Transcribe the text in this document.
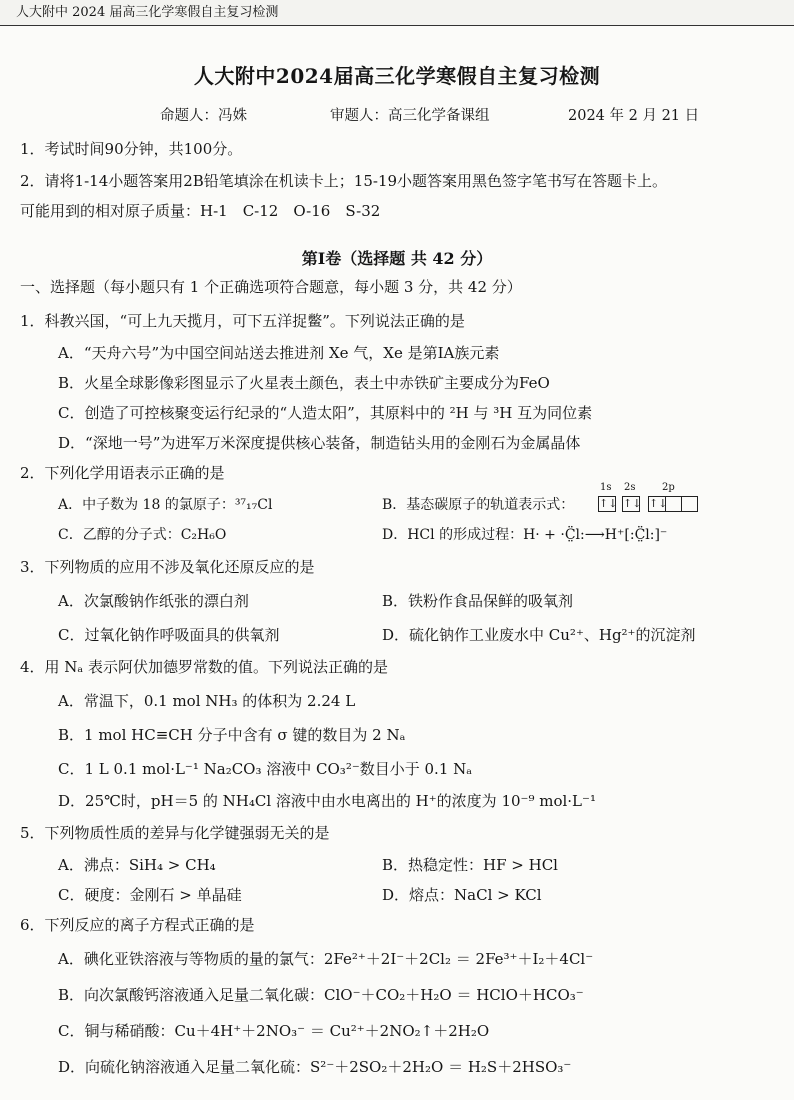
人大附中 2024 届高三化学寒假自主复习检测
人大附中2024届高三化学寒假自主复习检测
命题人：冯姝	审题人：高三化学备课组	2024 年 2 月 21 日
1．考试时间90分钟，共100分。
2．请将1-14小题答案用2B铅笔填涂在机读卡上；15-19小题答案用黑色签字笔书写在答题卡上。
可能用到的相对原子质量：H-1　C-12　O-16　S-32
第Ⅰ卷（选择题 共 42 分）
一、选择题（每小题只有 1 个正确选项符合题意，每小题 3 分，共 42 分）
1．科教兴国，“可上九天揽月，可下五洋捉鳖”。下列说法正确的是
A．“天舟六号”为中国空间站送去推进剂 Xe 气，Xe 是第IA族元素
B．火星全球影像彩图显示了火星表土颜色，表土中赤铁矿主要成分为FeO
C．创造了可控核聚变运行纪录的“人造太阳”，其原料中的 ²H 与 ³H 互为同位素
D．“深地一号”为进军万米深度提供核心装备，制造钻头用的金刚石为金属晶体
2．下列化学用语表示正确的是
A．中子数为 18 的氯原子：³⁷₁₇Cl	B．基态碳原子的轨道表示式：
1s 2s	2p
↑↓ ↑↓ ↑↓
C．乙醇的分子式：C₂H₆O	D．HCl 的形成过程：H· + ·C̤̈l:⟶H⁺[:C̤̈l:]⁻
3．下列物质的应用不涉及氧化还原反应的是
A．次氯酸钠作纸张的漂白剂	B．铁粉作食品保鲜的吸氧剂
C．过氧化钠作呼吸面具的供氧剂	D．硫化钠作工业废水中 Cu²⁺、Hg²⁺的沉淀剂
4．用 Nₐ 表示阿伏加德罗常数的值。下列说法正确的是
A．常温下，0.1 mol NH₃ 的体积为 2.24 L
B．1 mol HC≡CH 分子中含有 σ 键的数目为 2 Nₐ
C．1 L 0.1 mol·L⁻¹ Na₂CO₃ 溶液中 CO₃²⁻数目小于 0.1 Nₐ
D．25℃时，pH＝5 的 NH₄Cl 溶液中由水电离出的 H⁺的浓度为 10⁻⁹ mol·L⁻¹
5．下列物质性质的差异与化学键强弱无关的是
A．沸点：SiH₄ > CH₄	B．热稳定性：HF > HCl
C．硬度：金刚石 > 单晶硅	D．熔点：NaCl > KCl
6．下列反应的离子方程式正确的是
A．碘化亚铁溶液与等物质的量的氯气：2Fe²⁺＋2I⁻＋2Cl₂ ＝ 2Fe³⁺＋I₂＋4Cl⁻
B．向次氯酸钙溶液通入足量二氧化碳：ClO⁻＋CO₂＋H₂O ＝ HClO＋HCO₃⁻
C．铜与稀硝酸：Cu＋4H⁺＋2NO₃⁻ ＝ Cu²⁺＋2NO₂↑＋2H₂O
D．向硫化钠溶液通入足量二氧化硫：S²⁻＋2SO₂＋2H₂O ＝ H₂S＋2HSO₃⁻
